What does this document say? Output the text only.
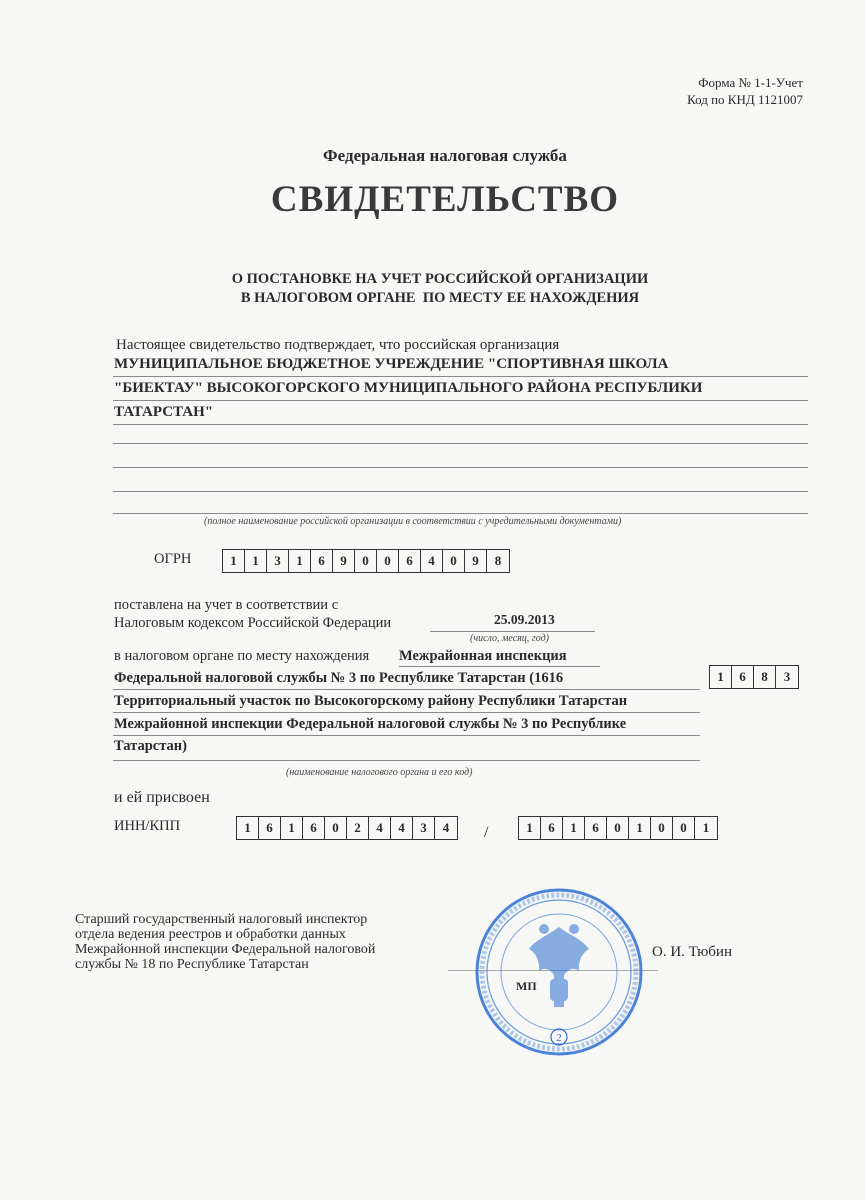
Форма № 1-1-Учет
Код по КНД 1121007
Федеральная налоговая служба
СВИДЕТЕЛЬСТВО
О ПОСТАНОВКЕ НА УЧЕТ РОССИЙСКОЙ ОРГАНИЗАЦИИ
В НАЛОГОВОМ ОРГАНЕ  ПО МЕСТУ ЕЕ НАХОЖДЕНИЯ
Настоящее свидетельство подтверждает, что российская организация
МУНИЦИПАЛЬНОЕ БЮДЖЕТНОЕ УЧРЕЖДЕНИЕ "СПОРТИВНАЯ ШКОЛА
"БИЕКТАУ" ВЫСОКОГОРСКОГО МУНИЦИПАЛЬНОГО РАЙОНА РЕСПУБЛИКИ
ТАТАРСТАН"
(полное наименование российской организации в соответствии с учредительными документами)
ОГРН	1	1	3	1	6	9	0	0	6	4	0	9	8
поставлена на учет в соответствии с
Налоговым кодексом Российской Федерации	25.09.2013
(число, месяц, год)
в налоговом органе по месту нахождения Межрайонная инспекция
Федеральной налоговой службы № 3 по Республике Татарстан (1616
Территориальный участок по Высокогорскому району Республики Татарстан
Межрайонной инспекции Федеральной налоговой службы № 3 по Республике
Татарстан)
1	6	8	3
(наименование налогового органа и его код)
и ей присвоен
ИНН/КПП	1	6	1	6	0	2	4	4	3	4	/	1	6	1	6	0	1	0	0	1
Старший государственный налоговый инспектор
отдела ведения реестров и обработки данных
Межрайонной инспекции Федеральной налоговой
службы № 18 по Республике Татарстан
2
МП
О. И. Тюбин
